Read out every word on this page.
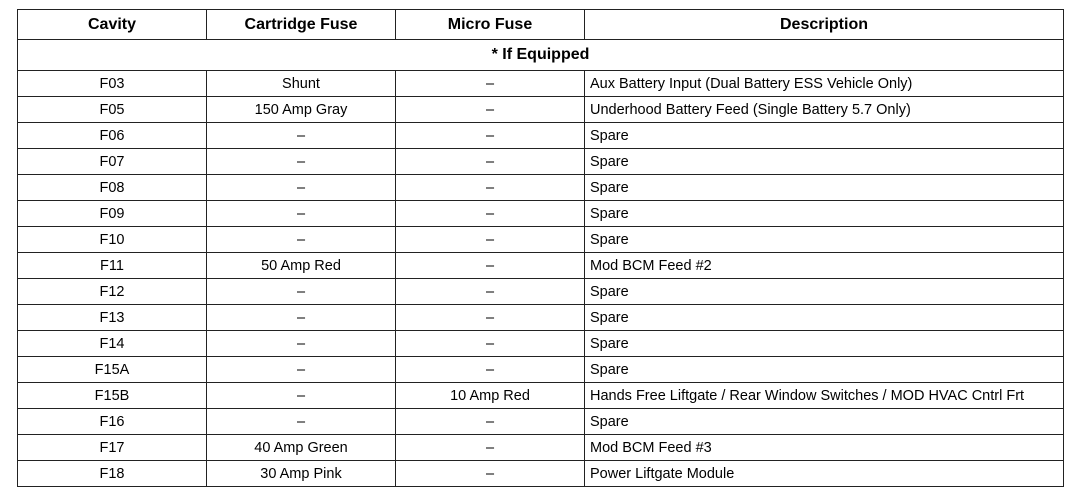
Cavity	Cartridge Fuse	Micro Fuse	Description
* If Equipped			
F03	Shunt	–	Aux Battery Input (Dual Battery ESS Vehicle Only)
F05	150 Amp Gray	–	Underhood Battery Feed (Single Battery 5.7 Only)
F06	–	–	Spare
F07	–	–	Spare
F08	–	–	Spare
F09	–	–	Spare
F10	–	–	Spare
F11	50 Amp Red	–	Mod BCM Feed #2
F12	–	–	Spare
F13	–	–	Spare
F14	–	–	Spare
F15A	–	–	Spare
F15B	–	10 Amp Red	Hands Free Liftgate / Rear Window Switches / MOD HVAC Cntrl Frt
F16	–	–	Spare
F17	40 Amp Green	–	Mod BCM Feed #3
F18	30 Amp Pink	–	Power Liftgate Module
